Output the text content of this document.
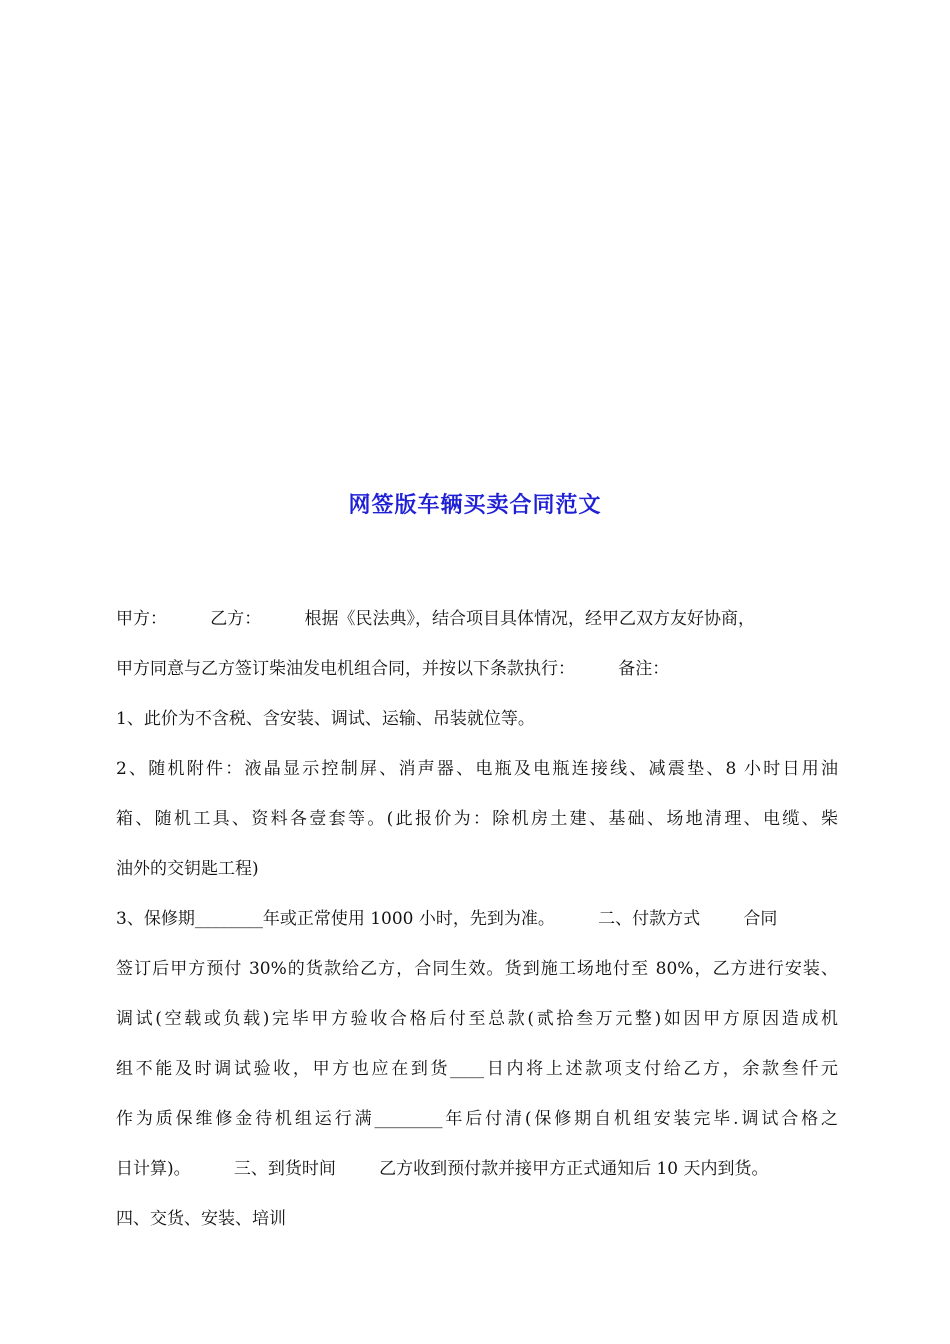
网签版车辆买卖合同范文
甲方：        乙方：        根据《民法典》，结合项目具体情况，经甲乙双方友好协商，
甲方同意与乙方签订柴油发电机组合同，并按以下条款执行：        备注：
1、此价为不含税、含安装、调试、运输、吊装就位等。
2、随机附件：液晶显示控制屏、消声器、电瓶及电瓶连接线、减震垫、8 小时日用油
箱、随机工具、资料各壹套等。(此报价为：除机房土建、基础、场地清理、电缆、柴
油外的交钥匙工程)
3、保修期________年或正常使用 1000 小时，先到为准。        二、付款方式        合同
签订后甲方预付 30%的货款给乙方，合同生效。货到施工场地付至 80%，乙方进行安装、
调试(空载或负载)完毕甲方验收合格后付至总款(贰拾叁万元整)如因甲方原因造成机
组不能及时调试验收，甲方也应在到货____日内将上述款项支付给乙方，余款叁仟元
作为质保维修金待机组运行满________年后付清(保修期自机组安装完毕.调试合格之
日计算)。        三、到货时间        乙方收到预付款并接甲方正式通知后 10 天内到货。
四、交货、安装、培训
